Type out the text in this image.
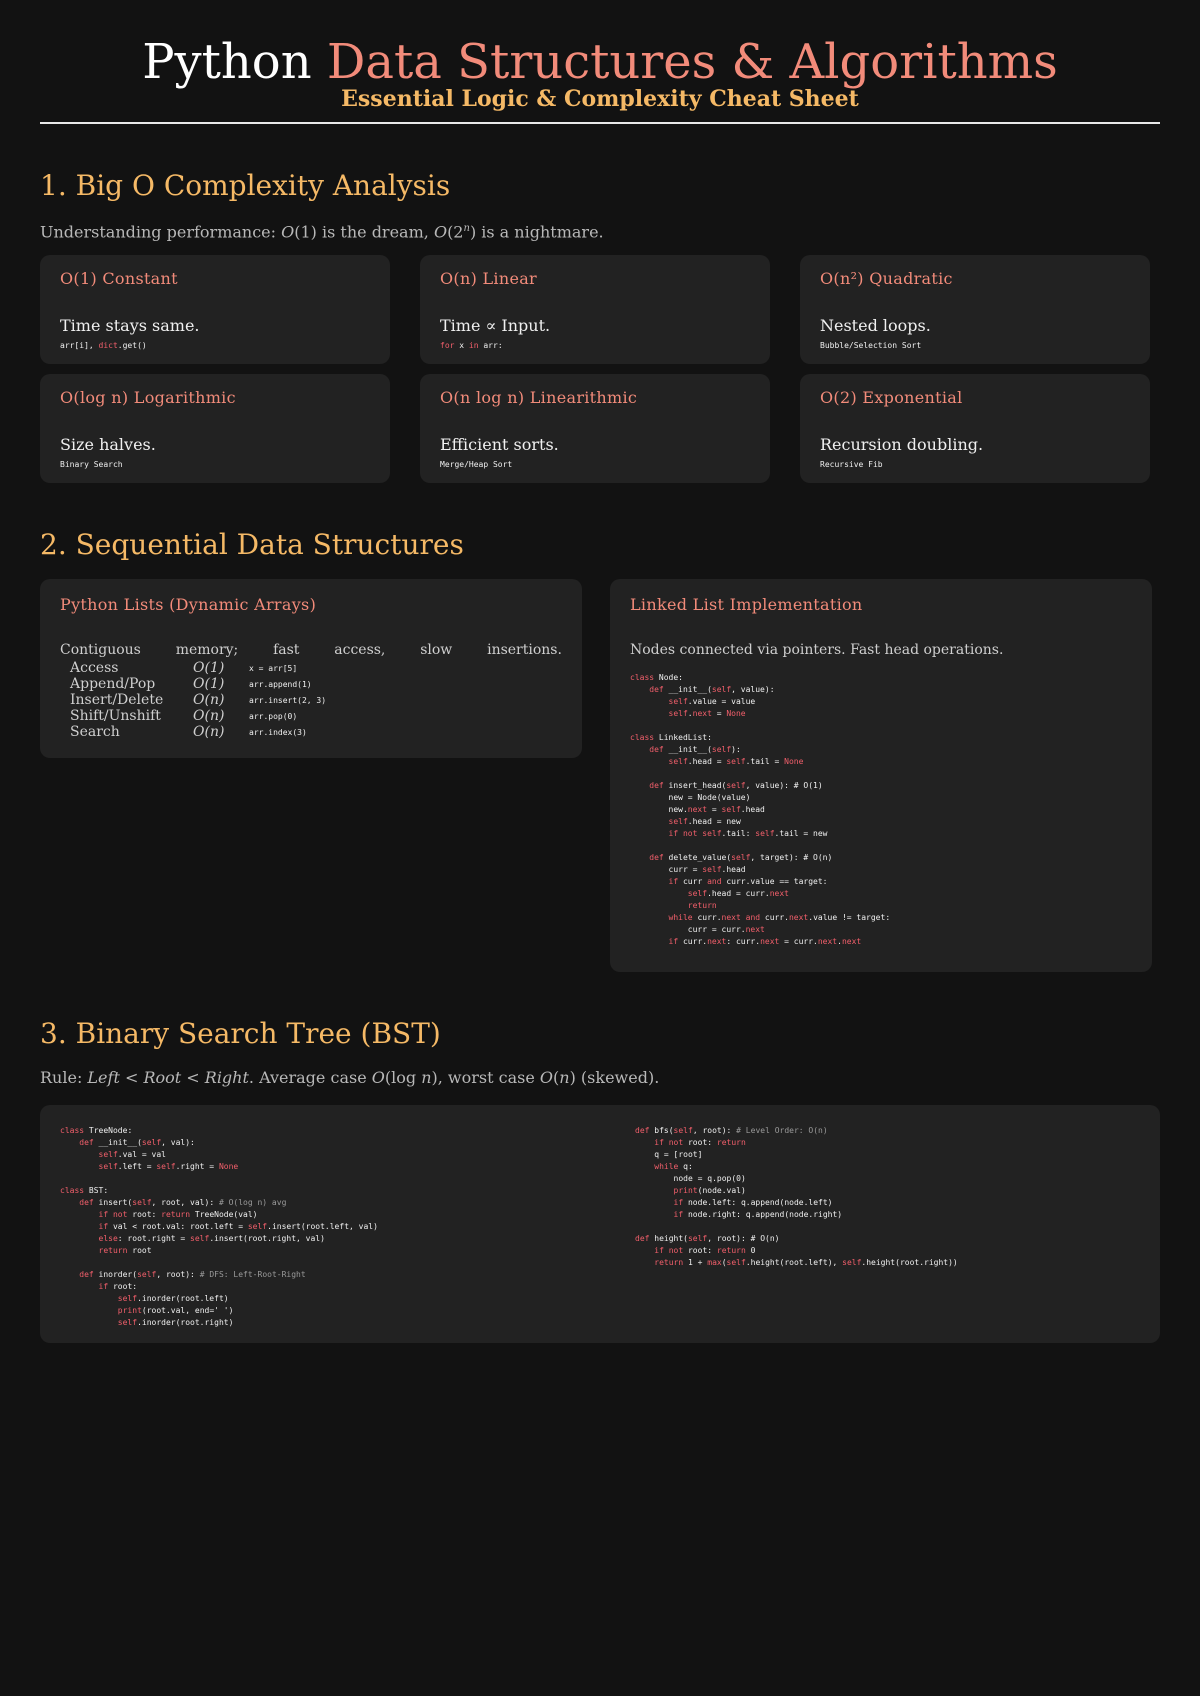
Python Data Structures & Algorithms
Essential Logic & Complexity Cheat Sheet
1. Big O Complexity Analysis

Understanding performance: O(1) is the dream, O(2$^n$) is a nightmare.

O(1) Constant
Time stays same.
arr[i], dict.get()
O(n) Linear
Time ∝ Input.
for x in arr:
O(n²) Quadratic
Nested loops.
Bubble/Selection Sort
O(log n) Logarithmic
Size halves.
Binary Search
O(n log n) Linearithmic
Efficient sorts.
Merge/Heap Sort
O(2) Exponential
Recursion doubling.
Recursive Fib
2. Sequential Data Structures
Python Lists (Dynamic Arrays)
Contiguous memory; fast access, slow insertions.
Access	O(1)	x = arr[5]
Append/Pop	O(1)	arr.append(1)
Insert/Delete	O(n)	arr.insert(2, 3)
Shift/Unshift	O(n)	arr.pop(0)
Search	O(n)	arr.index(3)
Linked List Implementation
Nodes connected via pointers. Fast head operations.
class Node:
def __init__(self, value):
self.value = value
self.next = None

class LinkedList:
def __init__(self):
self.head = self.tail = None

def insert_head(self, value): # O(1)
new = Node(value)
new.next = self.head
self.head = new
if not self.tail: self.tail = new

def delete_value(self, target): # O(n)
curr = self.head
if curr and curr.value == target:
self.head = curr.next
return
while curr.next and curr.next.value != target:
curr = curr.next
if curr.next: curr.next = curr.next.next
3. Binary Search Tree (BST)

Rule: Left < Root < Right. Average case O(log n), worst case O(n) (skewed).

class TreeNode:
def __init__(self, val):
self.val = val
self.left = self.right = None

class BST:
def insert(self, root, val): # O(log n) avg
if not root: return TreeNode(val)
if val < root.val: root.left = self.insert(root.left, val)
else: root.right = self.insert(root.right, val)
return root

def inorder(self, root): # DFS: Left-Root-Right
if root:
self.inorder(root.left)
print(root.val, end=' ')
self.inorder(root.right)
def bfs(self, root): # Level Order: O(n)
if not root: return
q = [root]
while q:
node = q.pop(0)
print(node.val)
if node.left: q.append(node.left)
if node.right: q.append(node.right)

def height(self, root): # O(n)
if not root: return 0
return 1 + max(self.height(root.left), self.height(root.right))
